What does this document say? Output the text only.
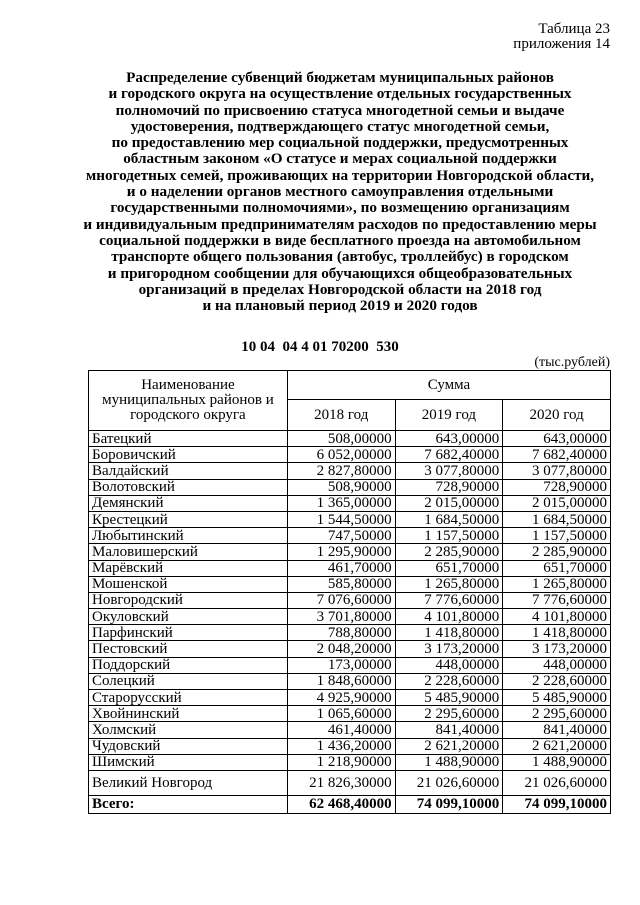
Таблица 23
приложения 14
Распределение субвенций бюджетам муниципальных районов
и городского округа на осуществление отдельных государственных
полномочий по присвоению статуса многодетной семьи и выдаче
удостоверения, подтверждающего статус многодетной семьи,
по предоставлению мер социальной поддержки, предусмотренных
областным законом «О статусе и мерах социальной поддержки
многодетных семей, проживающих на территории Новгородской области,
и о наделении органов местного самоуправления отдельными
государственными полномочиями», по возмещению организациям
и индивидуальным предпринимателям расходов по предоставлению меры
социальной поддержки в виде бесплатного проезда на автомобильном
транспорте общего пользования (автобус, троллейбус) в городском
и пригородном сообщении для обучающихся общеобразовательных
организаций в пределах Новгородской области на 2018 год
и на плановый период 2019 и 2020 годов
10 04  04 4 01 70200  530
(тыс.рублей)
Наименование муниципальных районов и городского округа	Сумма		
	2018 год	2019 год	2020 год
Батецкий	508,00000	643,00000	643,00000
Боровичский	6 052,00000	7 682,40000	7 682,40000
Валдайский	2 827,80000	3 077,80000	3 077,80000
Волотовский	508,90000	728,90000	728,90000
Демянский	1 365,00000	2 015,00000	2 015,00000
Крестецкий	1 544,50000	1 684,50000	1 684,50000
Любытинский	747,50000	1 157,50000	1 157,50000
Маловишерский	1 295,90000	2 285,90000	2 285,90000
Марёвский	461,70000	651,70000	651,70000
Мошенской	585,80000	1 265,80000	1 265,80000
Новгородский	7 076,60000	7 776,60000	7 776,60000
Окуловский	3 701,80000	4 101,80000	4 101,80000
Парфинский	788,80000	1 418,80000	1 418,80000
Пестовский	2 048,20000	3 173,20000	3 173,20000
Поддорский	173,00000	448,00000	448,00000
Солецкий	1 848,60000	2 228,60000	2 228,60000
Старорусский	4 925,90000	5 485,90000	5 485,90000
Хвойнинский	1 065,60000	2 295,60000	2 295,60000
Холмский	461,40000	841,40000	841,40000
Чудовский	1 436,20000	2 621,20000	2 621,20000
Шимский	1 218,90000	1 488,90000	1 488,90000
Великий Новгород	21 826,30000	21 026,60000	21 026,60000
Всего:	62 468,40000	74 099,10000	74 099,10000
